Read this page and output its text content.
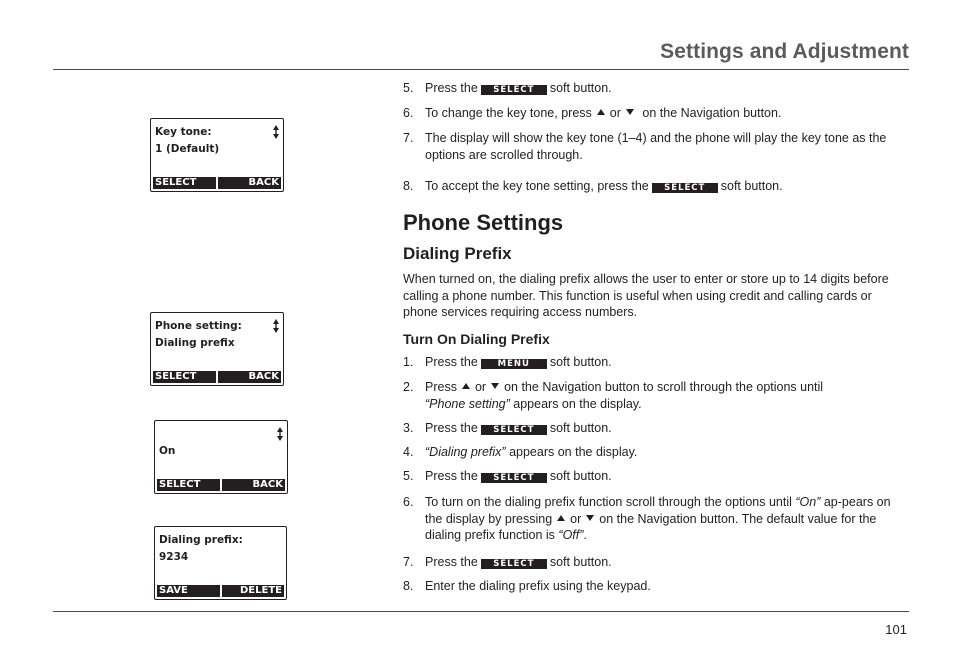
Settings and Adjustment
101
Key tone:
1 (Default)
SELECT	BACK
Phone setting:
Dialing prefix
SELECT	BACK
On
SELECT	BACK
Dialing prefix:
9234
SAVE	DELETE
5. Press the SELECT soft button.
6. To change the key tone, press or on the Navigation button.
7. The display will show the key tone (1–4) and the phone will play the key tone as the options are scrolled through.
8. To accept the key tone setting, press the SELECT soft button.
Phone Settings
Dialing Prefix
When turned on, the dialing prefix allows the user to enter or store up to 14 digits before calling a phone number. This function is useful when using credit and calling cards or phone services requiring access numbers.
Turn On Dialing Prefix
1. Press the MENU soft button.
2. Press or on the Navigation button to scroll through the options until
“Phone setting” appears on the display.
3. Press the SELECT soft button.
4. “Dialing prefix” appears on the display.
5. Press the SELECT soft button.
6. To turn on the dialing prefix function scroll through the options until “On” ap-pears on the display by pressing or on the Navigation button. The default value for the dialing prefix function is “Off”.
7. Press the SELECT soft button.
8. Enter the dialing prefix using the keypad.
